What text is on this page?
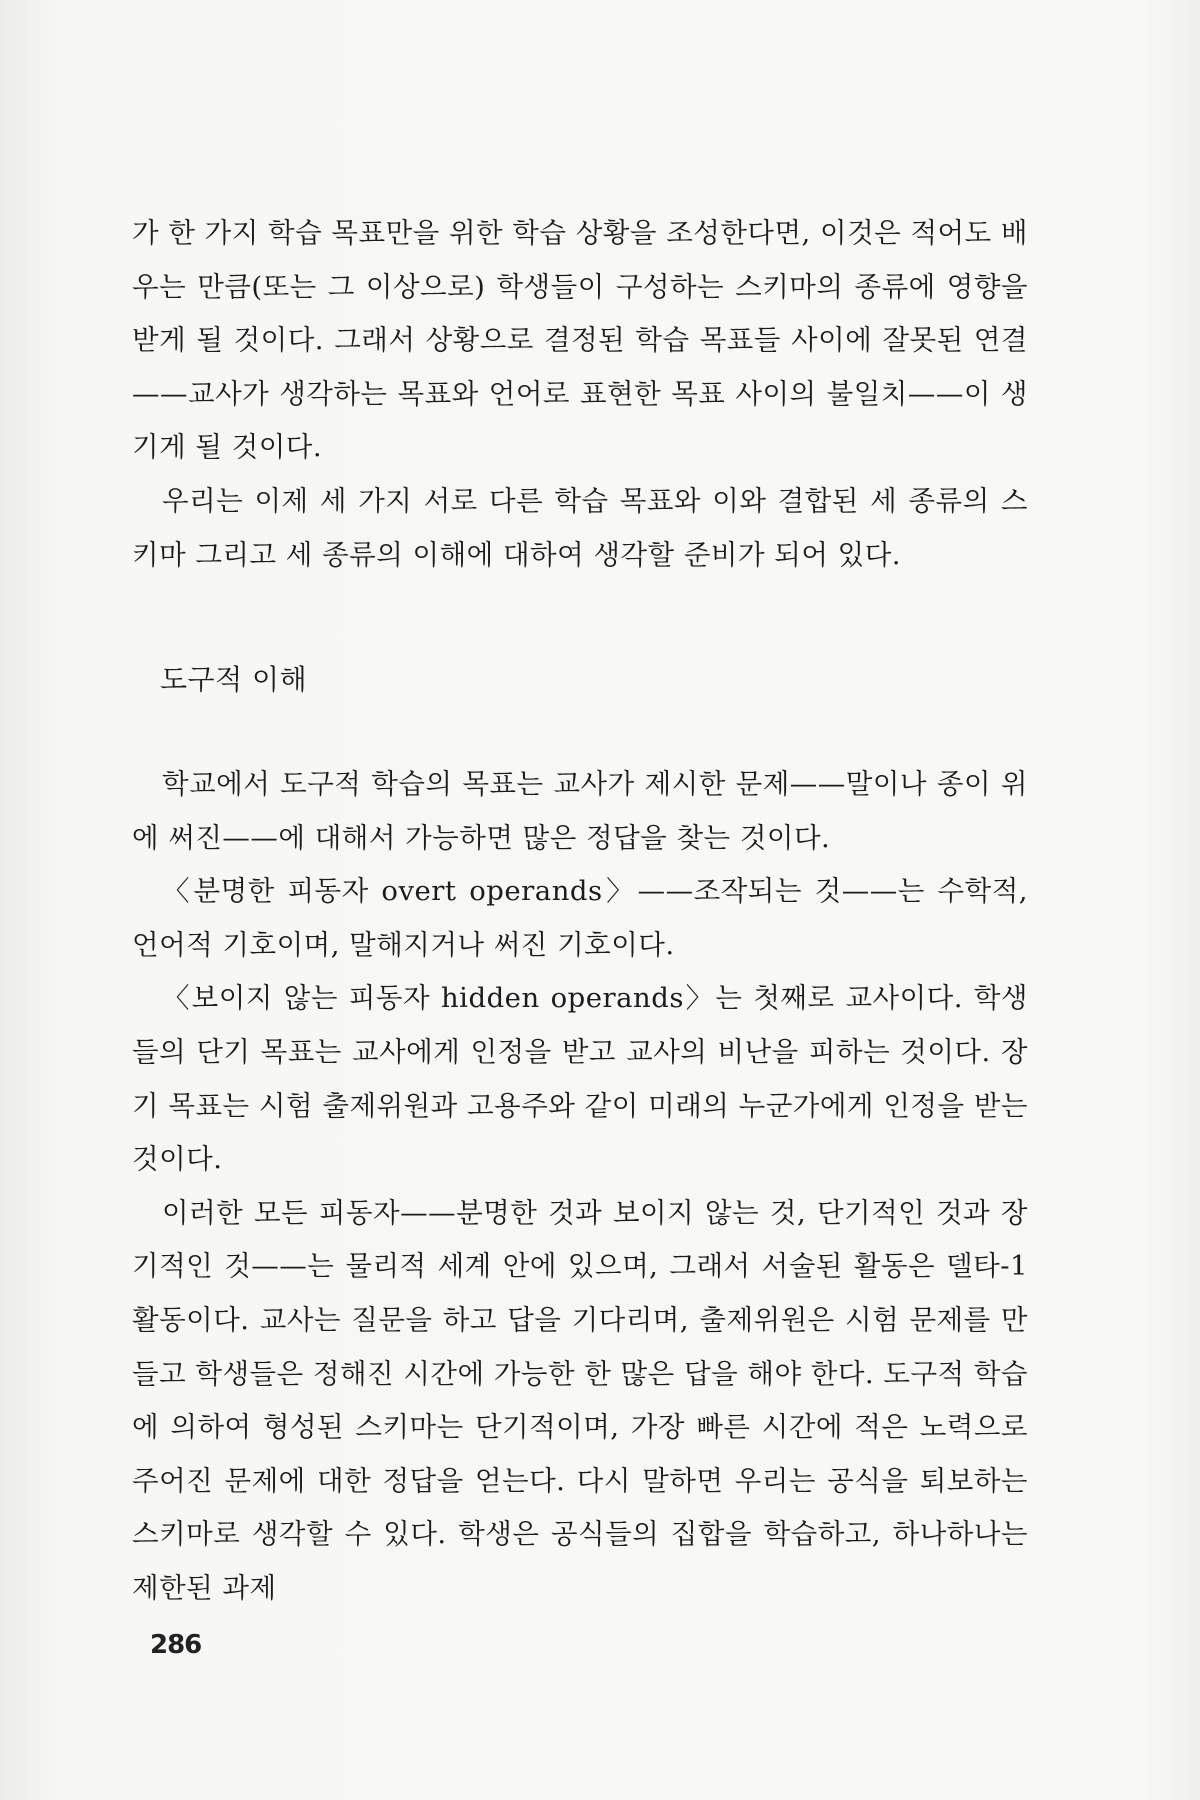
가 한 가지 학습 목표만을 위한 학습 상황을 조성한다면, 이것은 적어도 배우는 만큼(또는 그 이상으로) 학생들이 구성하는 스키마의 종류에 영향을 받게 될 것이다. 그래서 상황으로 결정된 학습 목표들 사이에 잘못된 연결——교사가 생각하는 목표와 언어로 표현한 목표 사이의 불일치——이 생기게 될 것이다.

우리는 이제 세 가지 서로 다른 학습 목표와 이와 결합된 세 종류의 스키마 그리고 세 종류의 이해에 대하여 생각할 준비가 되어 있다.

도구적 이해

학교에서 도구적 학습의 목표는 교사가 제시한 문제——말이나 종이 위에 써진——에 대해서 가능하면 많은 정답을 찾는 것이다.

〈분명한 피동자 overt operands〉——조작되는 것——는 수학적, 언어적 기호이며, 말해지거나 써진 기호이다.

〈보이지 않는 피동자 hidden operands〉는 첫째로 교사이다. 학생들의 단기 목표는 교사에게 인정을 받고 교사의 비난을 피하는 것이다. 장기 목표는 시험 출제위원과 고용주와 같이 미래의 누군가에게 인정을 받는 것이다.

이러한 모든 피동자——분명한 것과 보이지 않는 것, 단기적인 것과 장기적인 것——는 물리적 세계 안에 있으며, 그래서 서술된 활동은 델타-1 활동이다. 교사는 질문을 하고 답을 기다리며, 출제위원은 시험 문제를 만들고 학생들은 정해진 시간에 가능한 한 많은 답을 해야 한다. 도구적 학습에 의하여 형성된 스키마는 단기적이며, 가장 빠른 시간에 적은 노력으로 주어진 문제에 대한 정답을 얻는다. 다시 말하면 우리는 공식을 퇴보하는 스키마로 생각할 수 있다. 학생은 공식들의 집합을 학습하고, 하나하나는 제한된 과제

286
